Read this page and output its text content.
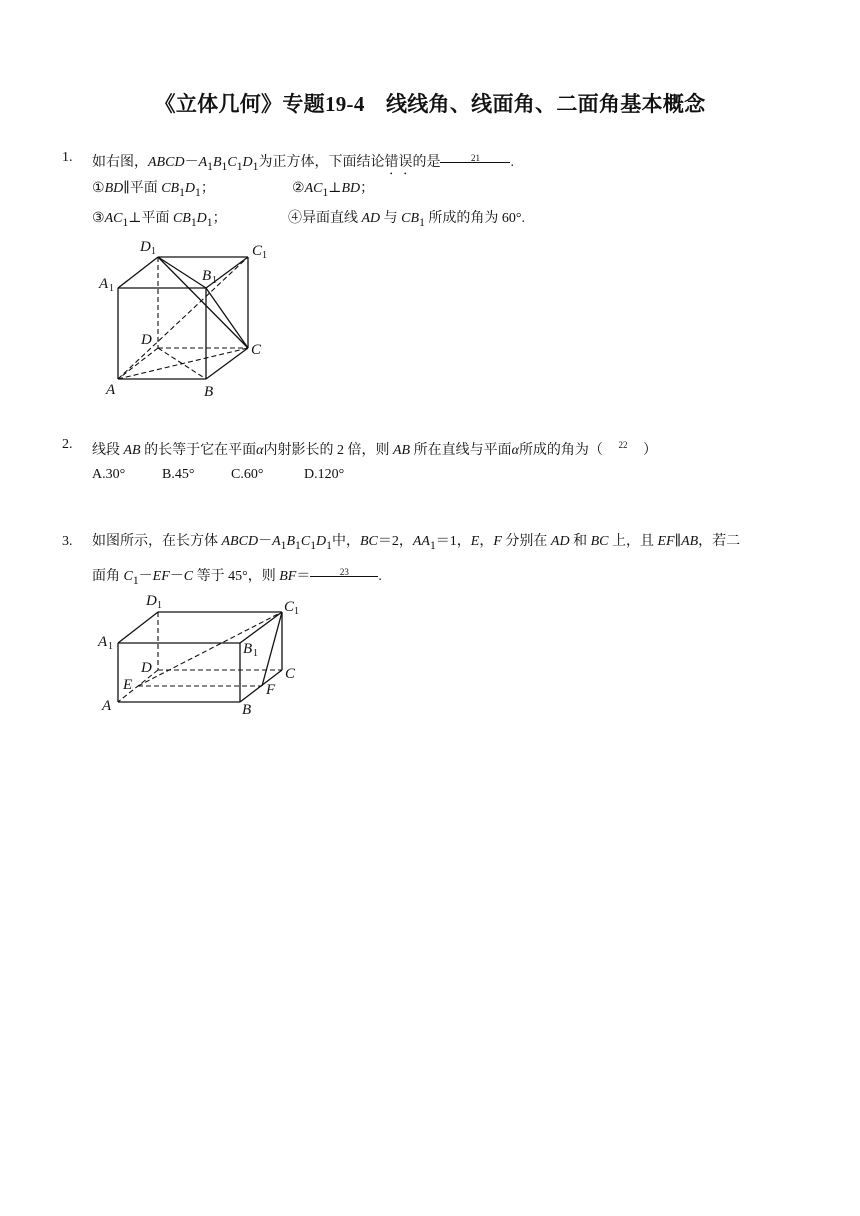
《立体几何》专题19-4　线线角、线面角、二面角基本概念
1. 如右图，$ABCD-A_1B_1C_1D_1$为正方体，下面结论错误的是	$^{21}$ .
①BD∥平面 $CB_1D_1$；	$②AC_1\perp BD$；
$③AC_1\perp$平面 $CB_1D_1$；	④异面直线 AD 与 $CB_1$ 所成的角为 60°.
D 1	C 1
A 1
B 1
D
C
A	B
2. 线段 AB 的长等于它在平面α内射影长的 2 倍，则 AB 所在直线与平面α所成的角为（ $^{22}$ ）
A.30°	B.45°	C.60°	D.120°
3. 如图所示，在长方体 $ABCD-A_1B_1C_1D_1$中，BC＝2，$AA_1=1$，E，F 分别在 AD 和 BC 上，且 EF∥AB，若二
面角 $C_1-EF-C$ 等于 45°，则 BF＝	$^{23}$ .
D 1	C 1
A 1	B 1
D	C
E	F
A	B
